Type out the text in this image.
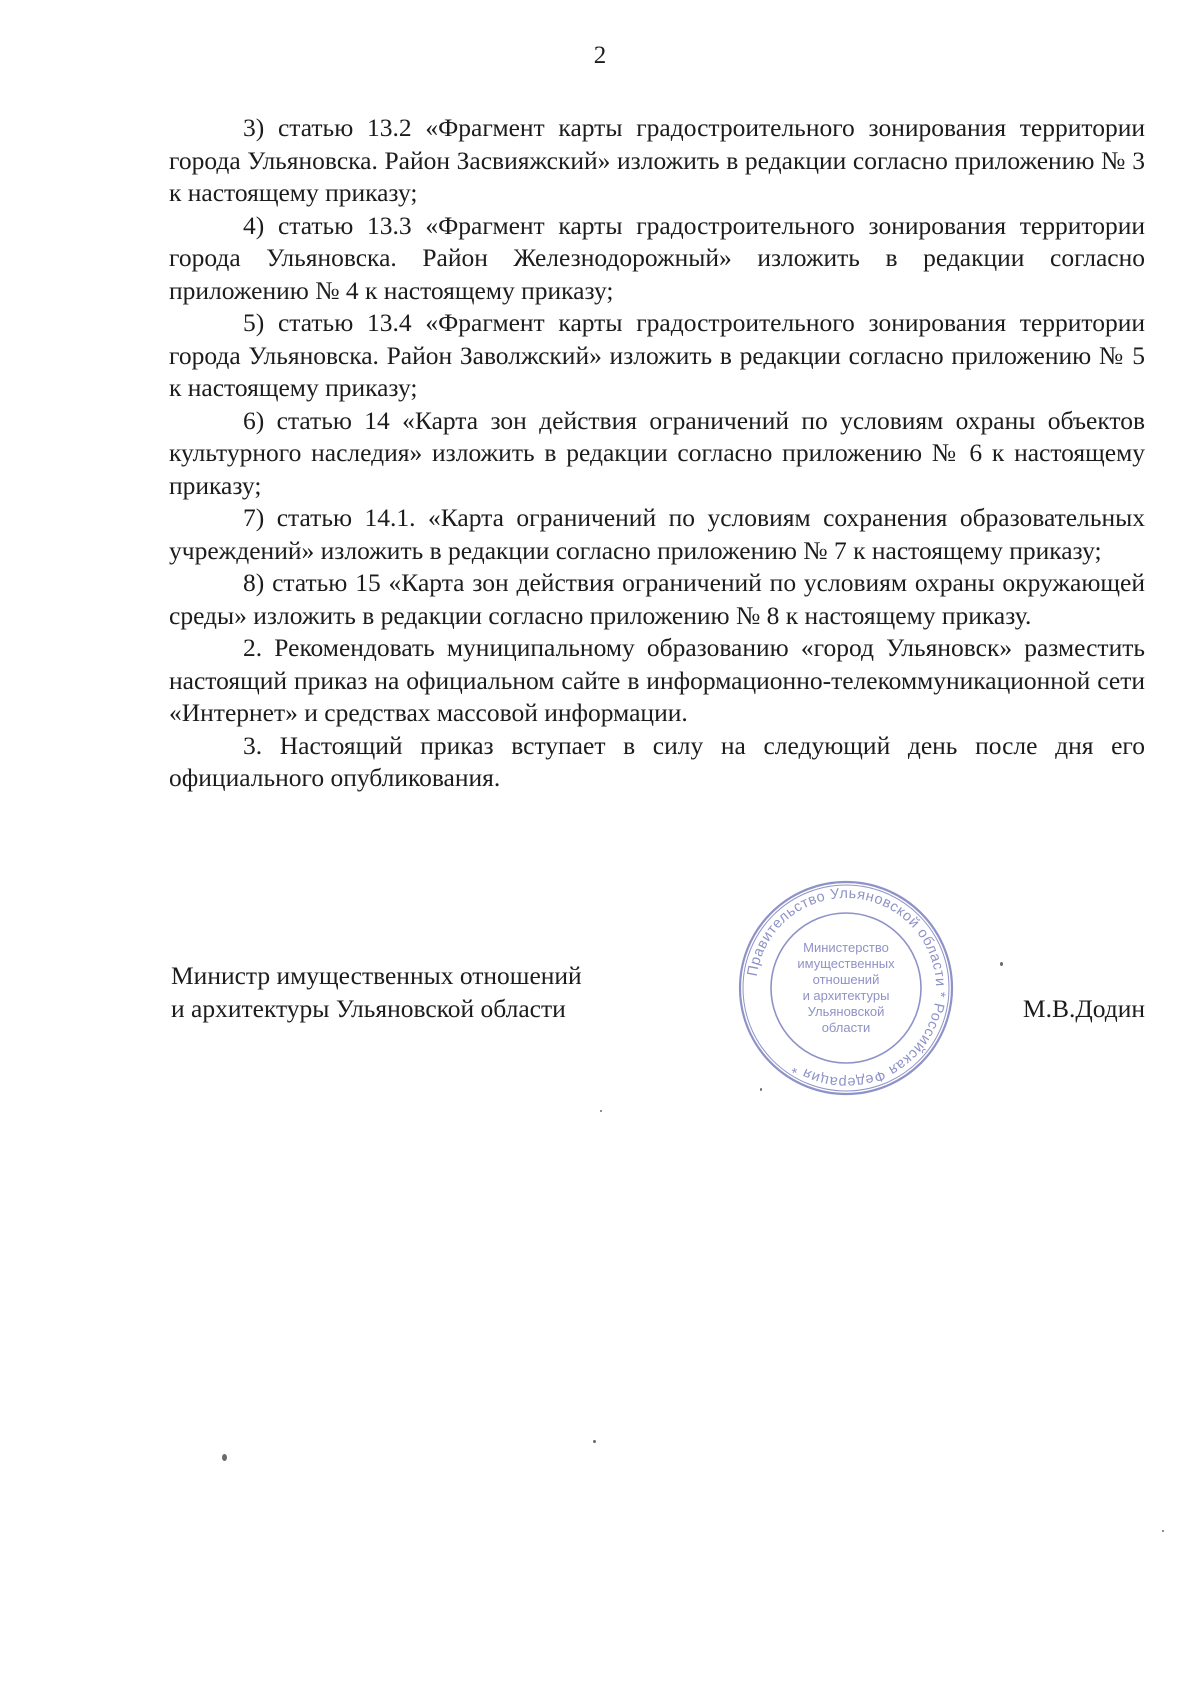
2

3) статью 13.2 «Фрагмент карты градостроительного зонирования территории города Ульяновска. Район Засвияжский» изложить в редакции согласно приложению № 3 к настоящему приказу;

4) статью 13.3 «Фрагмент карты градостроительного зонирования территории города Ульяновска. Район Железнодорожный» изложить в редакции согласно приложению № 4 к настоящему приказу;

5) статью 13.4 «Фрагмент карты градостроительного зонирования территории города Ульяновска. Район Заволжский» изложить в редакции согласно приложению № 5 к настоящему приказу;

6) статью 14 «Карта зон действия ограничений по условиям охраны объектов культурного наследия» изложить в редакции согласно приложению № 6 к настоящему приказу;

7) статью 14.1. «Карта ограничений по условиям сохранения образовательных учреждений» изложить в редакции согласно приложению № 7 к настоящему приказу;

8) статью 15 «Карта зон действия ограничений по условиям охраны окружающей среды» изложить в редакции согласно приложению № 8 к настоящему приказу.

2. Рекомендовать муниципальному образованию «город Ульяновск» разместить настоящий приказ на официальном сайте в информационно-телекоммуникационной сети «Интернет» и средствах массовой информации.

3. Настоящий приказ вступает в силу на следующий день после дня его официального опубликования.

Министр имущественных отношений
и архитектуры Ульяновской области	М.В.Додин
Правительство Ульяновской области * Российская Федерация *
Министерство
имущественных
отношений
и архитектуры
Ульяновской
области
